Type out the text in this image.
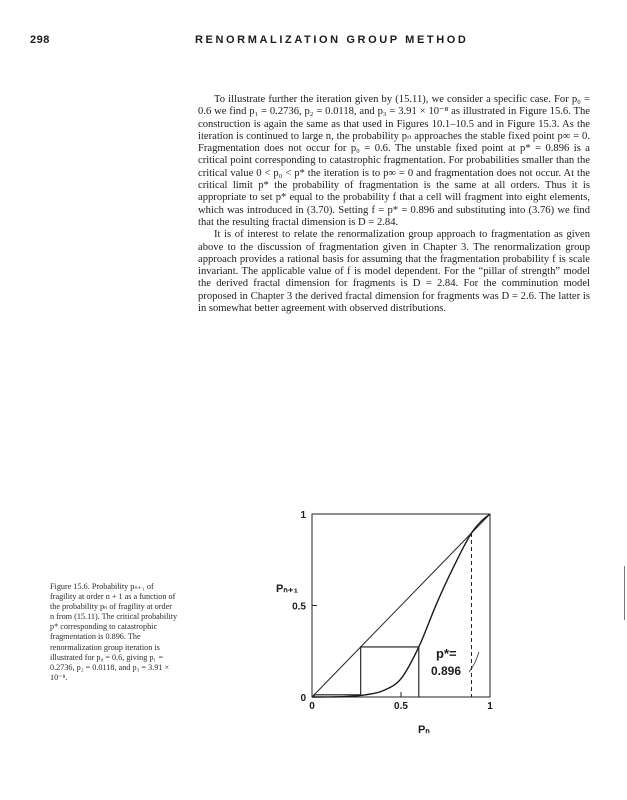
298	RENORMALIZATION GROUP METHOD

To illustrate further the iteration given by (15.11), we consider a specific case. For p₀ = 0.6 we find p₁ = 0.2736, p₂ = 0.0118, and p₃ = 3.91 × 10⁻⁸ as illustrated in Figure 15.6. The construction is again the same as that used in Figures 10.1–10.5 and in Figure 15.3. As the iteration is continued to large n, the probability pₙ approaches the stable fixed point p∞ = 0. Fragmentation does not occur for p₀ = 0.6. The unstable fixed point at p* = 0.896 is a critical point corresponding to catastrophic fragmentation. For probabilities smaller than the critical value 0 < p₀ < p* the iteration is to p∞ = 0 and fragmentation does not occur. At the critical limit p* the probability of fragmentation is the same at all orders. Thus it is appropriate to set p* equal to the probability f that a cell will fragment into eight elements, which was introduced in (3.70). Setting f = p* = 0.896 and substituting into (3.76) we find that the resulting fractal dimension is D = 2.84.

It is of interest to relate the renormalization group approach to fragmentation as given above to the discussion of fragmentation given in Chapter 3. The renormalization group approach provides a rational basis for assuming that the fragmentation probability f is scale invariant. The applicable value of f is model dependent. For the “pillar of strength” model the derived fractal dimension for fragments is D = 2.84. For the comminution model proposed in Chapter 3 the derived fractal dimension for fragments was D = 2.6. The latter is in somewhat better agreement with observed distributions.

Figure 15.6. Probability pₙ₊₁ of fragility at order n + 1 as a function of the probability pₙ of fragility at order n from (15.11). The critical probability p* corresponding to catastrophic fragmentation is 0.896. The renormalization group iteration is illustrated for p₀ = 0.6, giving p₁ = 0.2736, p₂ = 0.0118, and p₃ = 3.91 × 10⁻⁸.
0
0.5
1
0	0.5	1
Pₙ₊₁
Pₙ
p*=
0.896
